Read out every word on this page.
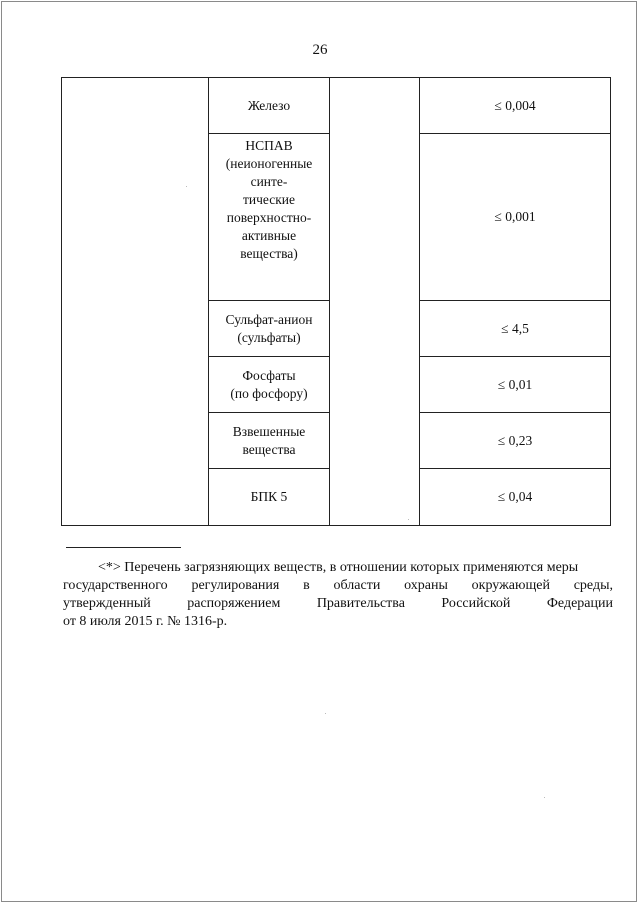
26
Железо	≤ 0,004
НСПАВ
(неионогенные
синте-
тические
поверхностно-
активные
вещества)
≤ 0,001
Сульфат-анион
(сульфаты)
≤ 4,5
Фосфаты
(по фосфору)
≤ 0,01
Взвешенные
вещества
≤ 0,23
БПК 5	≤ 0,04
<*> Перечень загрязняющих веществ, в отношении которых применяются меры
государственного регулирования в области охраны окружающей среды,
утвержденный распоряжением Правительства Российской Федерации
от 8 июля 2015 г. № 1316-р.
